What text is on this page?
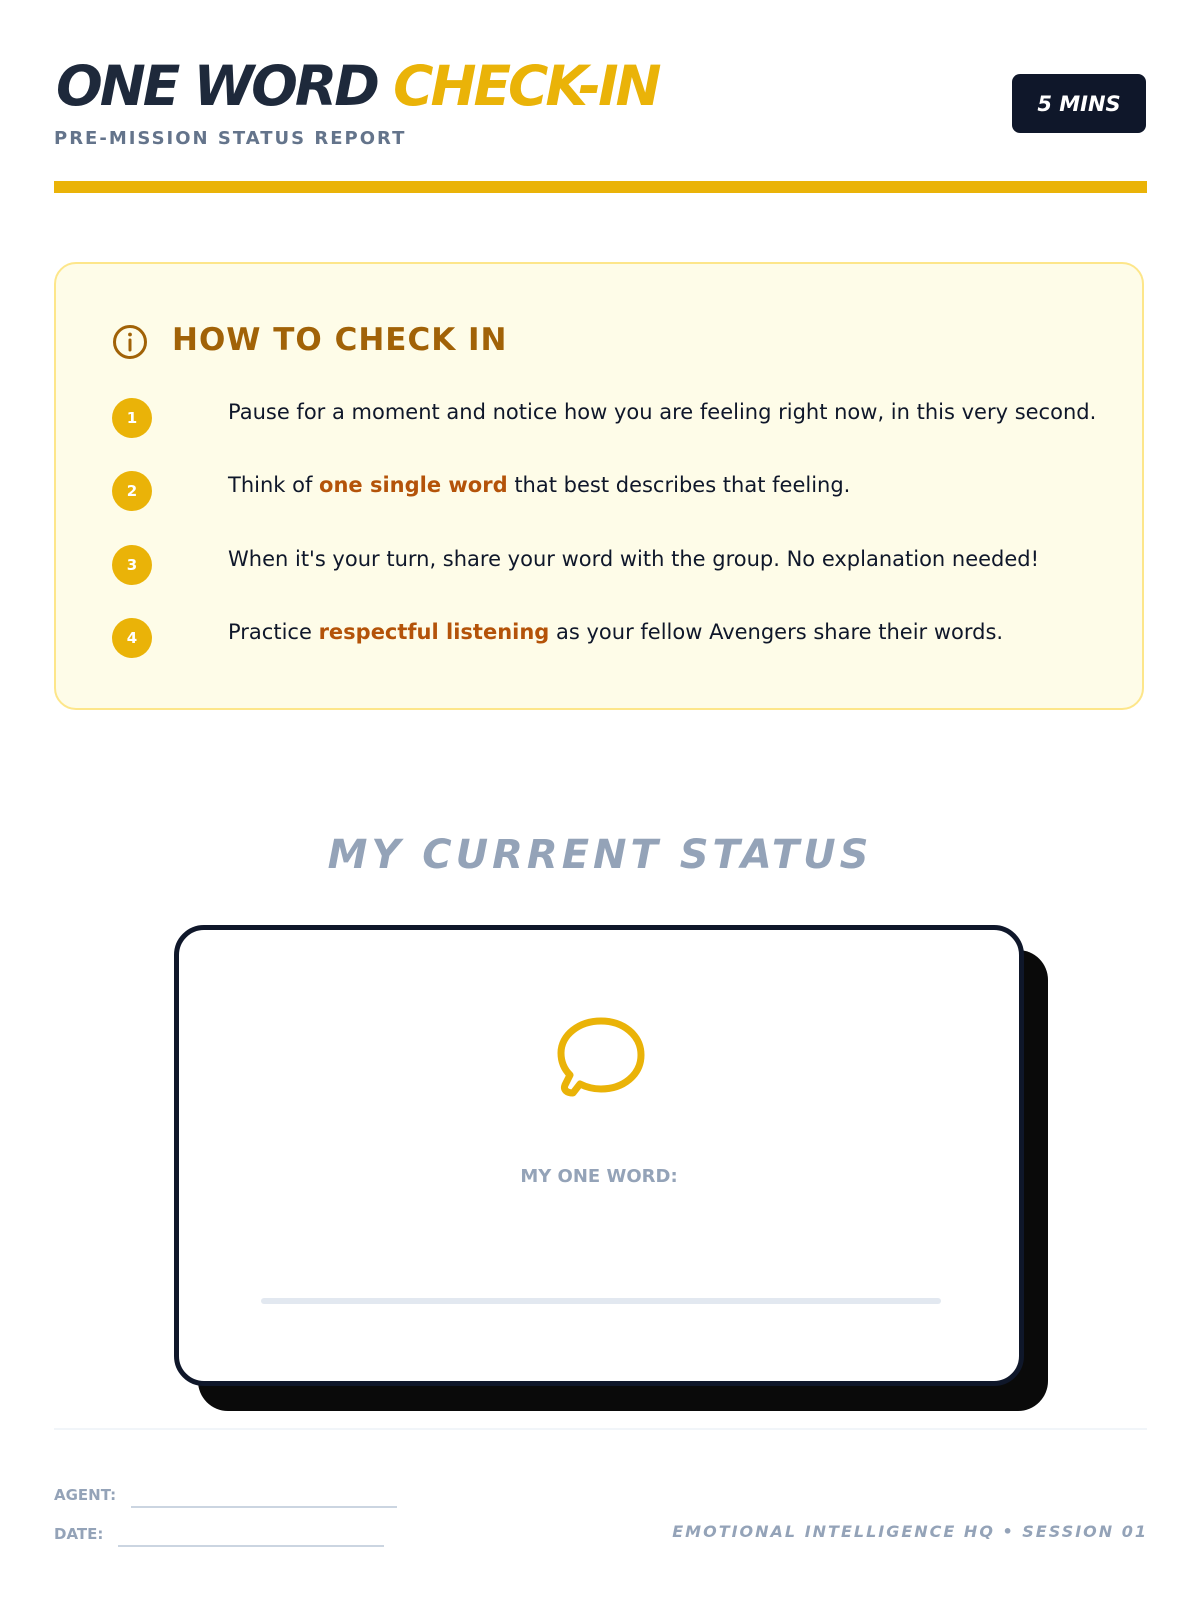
ONE WORD CHECK-IN
PRE-MISSION STATUS REPORT
5 MINS
HOW TO CHECK IN
1	Pause for a moment and notice how you are feeling right now, in this very second.
2	Think of one single word that best describes that feeling.
3	When it's your turn, share your word with the group. No explanation needed!
4	Practice respectful listening as your fellow Avengers share their words.
MY CURRENT STATUS
MY ONE WORD:
AGENT:
DATE:	EMOTIONAL INTELLIGENCE HQ • SESSION 01
